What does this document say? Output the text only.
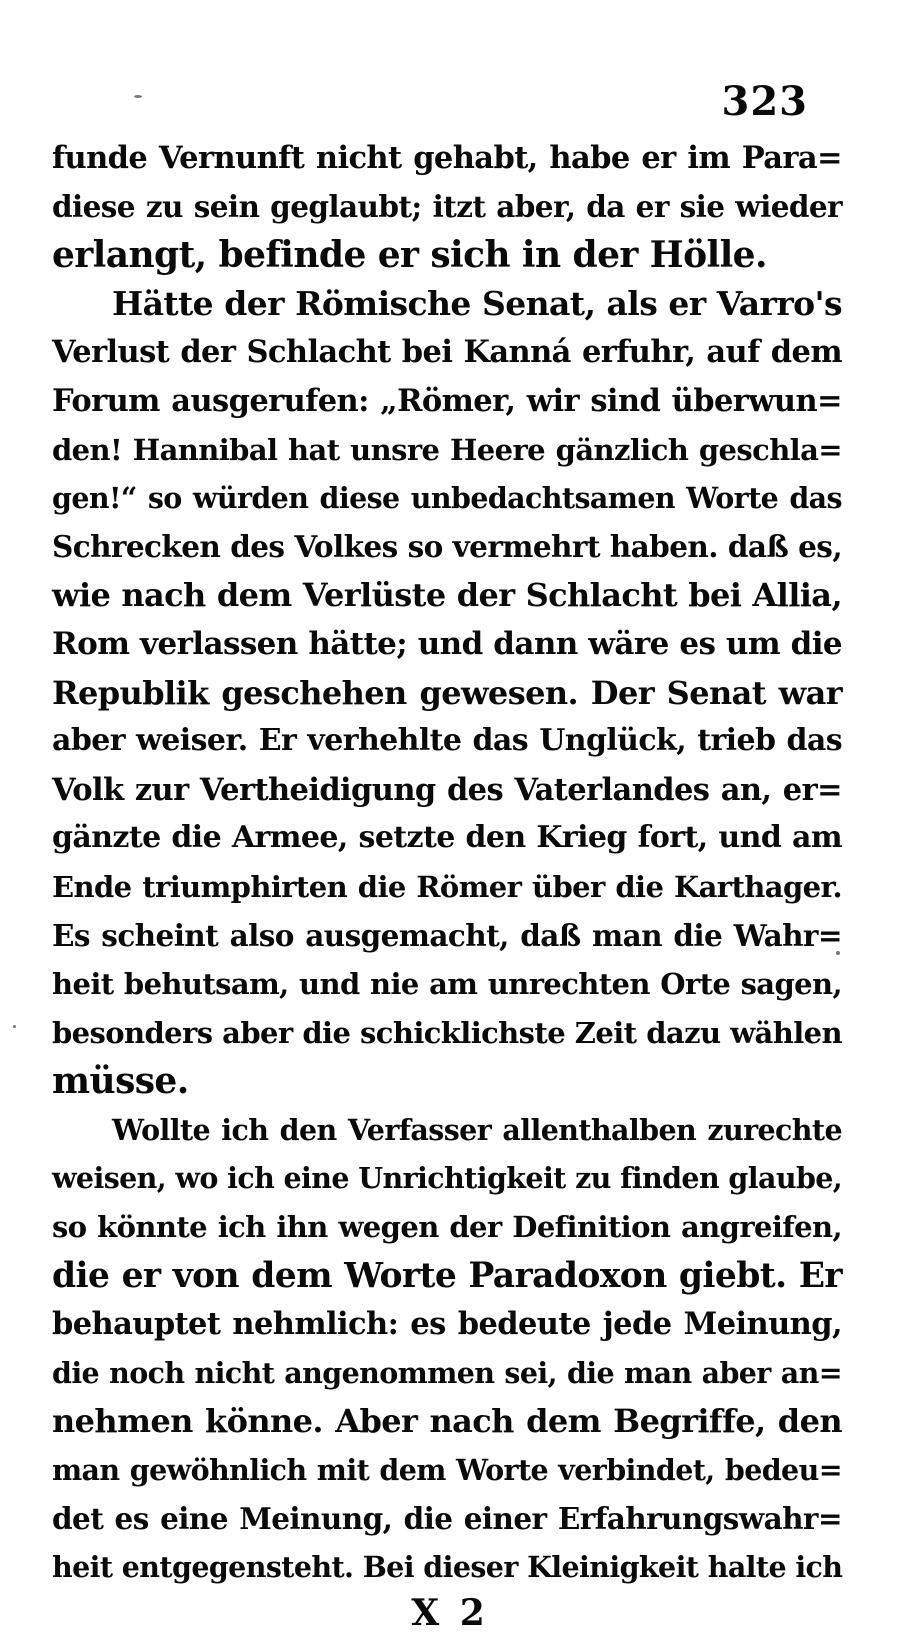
323
funde Vernunft nicht gehabt, habe er im Para=
diese zu sein geglaubt; itzt aber, da er sie wieder
erlangt, befinde er sich in der Hölle.
Hätte der Römische Senat, als er Varro's
Verlust der Schlacht bei Kanná erfuhr, auf dem
Forum ausgerufen: „Römer, wir sind überwun=
den! Hannibal hat unsre Heere gänzlich geschla=
gen!“ so würden diese unbedachtsamen Worte das
Schrecken des Volkes so vermehrt haben. daß es,
wie nach dem Verlüste der Schlacht bei Allia,
Rom verlassen hätte; und dann wäre es um die
Republik geschehen gewesen. Der Senat war
aber weiser. Er verhehlte das Unglück, trieb das
Volk zur Vertheidigung des Vaterlandes an, er=
gänzte die Armee, setzte den Krieg fort, und am
Ende triumphirten die Römer über die Karthager.
Es scheint also ausgemacht, daß man die Wahr=
heit behutsam, und nie am unrechten Orte sagen,
besonders aber die schicklichste Zeit dazu wählen
müsse.
Wollte ich den Verfasser allenthalben zurechte
weisen, wo ich eine Unrichtigkeit zu finden glaube,
so könnte ich ihn wegen der Definition angreifen,
die er von dem Worte Paradoxon giebt. Er
behauptet nehmlich: es bedeute jede Meinung,
die noch nicht angenommen sei, die man aber an=
nehmen könne. Aber nach dem Begriffe, den
man gewöhnlich mit dem Worte verbindet, bedeu=
det es eine Meinung, die einer Erfahrungswahr=
heit entgegensteht. Bei dieser Kleinigkeit halte ich
X 2
